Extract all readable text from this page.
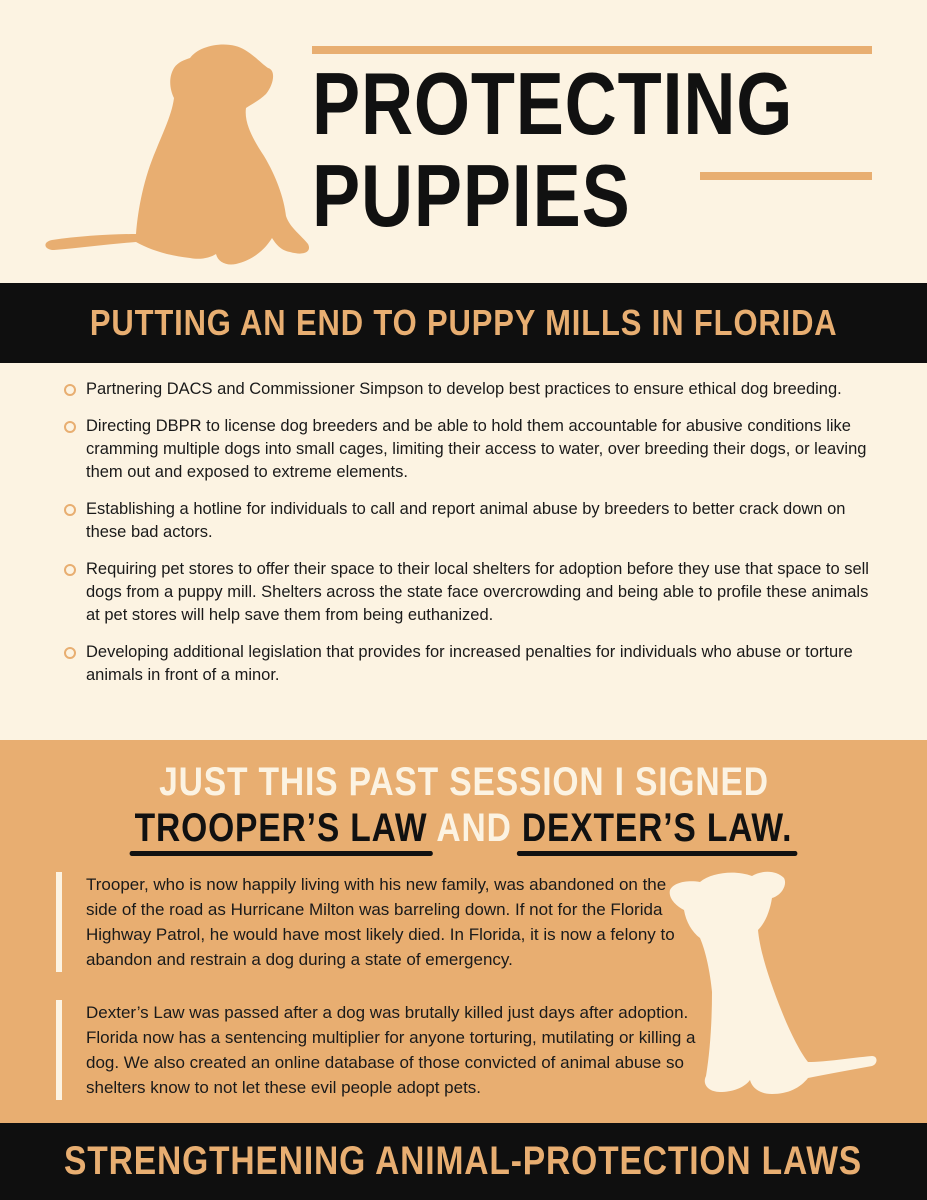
PROTECTING
PUPPIES
PUTTING AN END TO PUPPY MILLS IN FLORIDA
Partnering DACS and Commissioner Simpson to develop best practices to ensure ethical dog breeding.
Directing DBPR to license dog breeders and be able to hold them accountable for abusive conditions like cramming multiple dogs into small cages, limiting their access to water, over breeding their dogs, or leaving them out and exposed to extreme elements.
Establishing a hotline for individuals to call and report animal abuse by breeders to better crack down on these bad actors.
Requiring pet stores to offer their space to their local shelters for adoption before they use that space to sell dogs from a puppy mill. Shelters across the state face overcrowding and being able to profile these animals at pet stores will help save them from being euthanized.
Developing additional legislation that provides for increased penalties for individuals who abuse or torture animals in front of a minor.
JUST THIS PAST SESSION I SIGNED
TROOPER’S LAW AND DEXTER’S LAW.

Trooper, who is now happily living with his new family, was abandoned on the side of the road as Hurricane Milton was barreling down. If not for the Florida Highway Patrol, he would have most likely died. In Florida, it is now a felony to abandon and restrain a dog during a state of emergency.

Dexter’s Law was passed after a dog was brutally killed just days after adoption. Florida now has a sentencing multiplier for anyone torturing, mutilating or killing a dog. We also created an online database of those convicted of animal abuse so shelters know to not let these evil people adopt pets.

STRENGTHENING ANIMAL-PROTECTION LAWS
